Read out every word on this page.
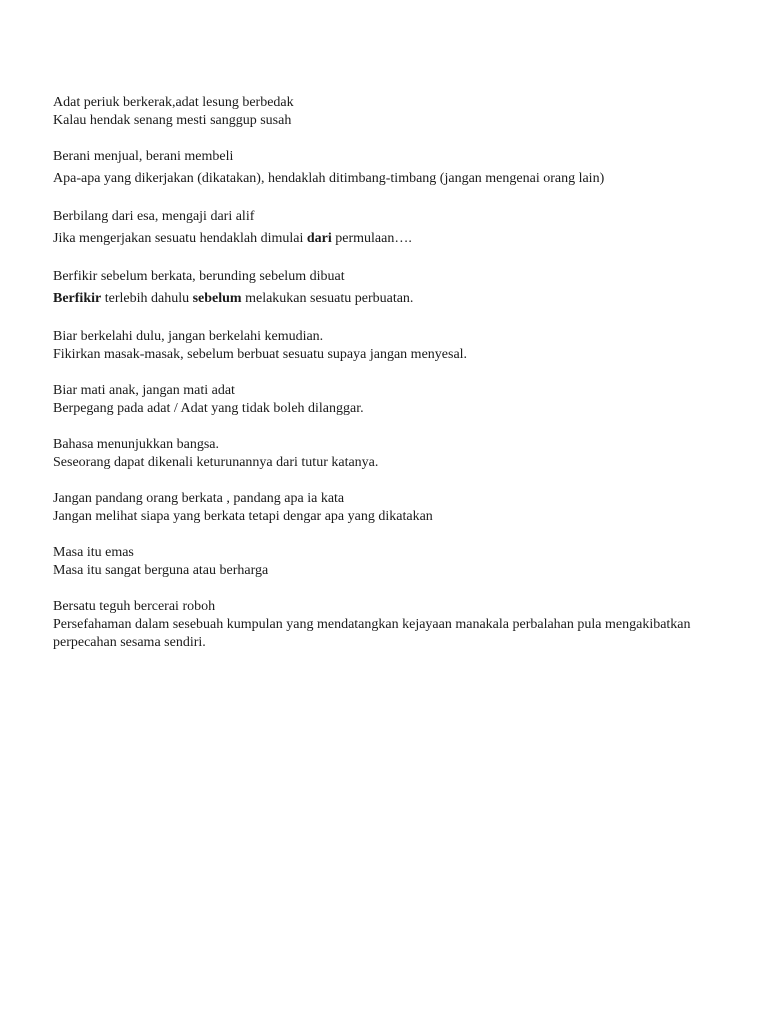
Adat periuk berkerak,adat lesung berbedak
Kalau hendak senang mesti sanggup susah
Berani menjual, berani membeli
Apa-apa yang dikerjakan (dikatakan), hendaklah ditimbang-timbang (jangan mengenai orang lain)
Berbilang dari esa, mengaji dari alif
Jika mengerjakan sesuatu hendaklah dimulai dari permulaan….
Berfikir sebelum berkata, berunding sebelum dibuat
Berfikir terlebih dahulu sebelum melakukan sesuatu perbuatan.
Biar berkelahi dulu, jangan berkelahi kemudian.
Fikirkan masak-masak, sebelum berbuat sesuatu supaya jangan menyesal.
Biar mati anak, jangan mati adat
Berpegang pada adat / Adat yang tidak boleh dilanggar.
Bahasa menunjukkan bangsa.
Seseorang dapat dikenali keturunannya dari tutur katanya.
Jangan pandang orang berkata , pandang apa ia kata
Jangan melihat siapa yang berkata tetapi dengar apa yang dikatakan
Masa itu emas
Masa itu sangat berguna atau berharga
Bersatu teguh bercerai roboh
Persefahaman dalam sesebuah kumpulan yang mendatangkan kejayaan manakala perbalahan pula mengakibatkan
perpecahan sesama sendiri.
